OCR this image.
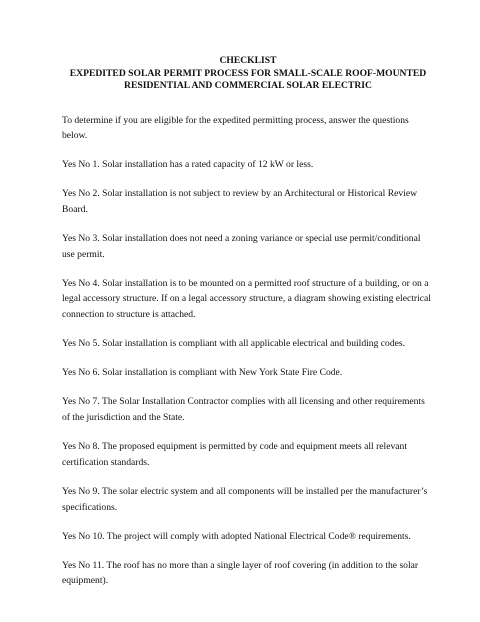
CHECKLIST
EXPEDITED SOLAR PERMIT PROCESS FOR SMALL-SCALE ROOF-MOUNTED
RESIDENTIAL AND COMMERCIAL SOLAR ELECTRIC

To determine if you are eligible for the expedited permitting process, answer the questions below.

Yes No 1. Solar installation has a rated capacity of 12 kW or less.
Yes No 2. Solar installation is not subject to review by an Architectural or Historical Review Board.
Yes No 3. Solar installation does not need a zoning variance or special use permit/conditional use permit.
Yes No 4. Solar installation is to be mounted on a permitted roof structure of a building, or on a legal accessory structure. If on a legal accessory structure, a diagram showing existing electrical connection to structure is attached.
Yes No 5. Solar installation is compliant with all applicable electrical and building codes.
Yes No 6. Solar installation is compliant with New York State Fire Code.
Yes No 7. The Solar Installation Contractor complies with all licensing and other requirements of the jurisdiction and the State.
Yes No 8. The proposed equipment is permitted by code and equipment meets all relevant certification standards.
Yes No 9. The solar electric system and all components will be installed per the manufacturer’s specifications.
Yes No 10. The project will comply with adopted National Electrical Code® requirements.
Yes No 11. The roof has no more than a single layer of roof covering (in addition to the solar equipment).
